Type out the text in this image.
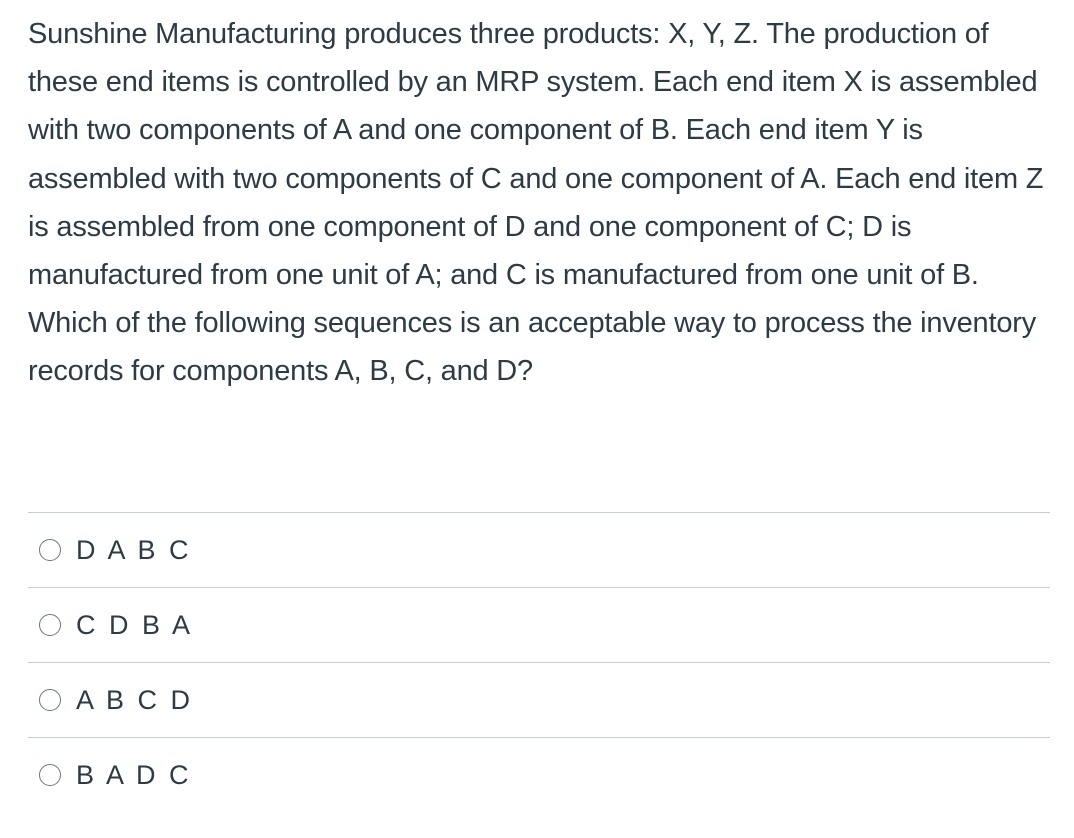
Sunshine Manufacturing produces three products: X, Y, Z. The production of these end items is controlled by an MRP system. Each end item X is assembled with two components of A and one component of B. Each end item Y is assembled with two components of C and one component of A. Each end item Z is assembled from one component of D and one component of C; D is manufactured from one unit of A; and C is manufactured from one unit of B. Which of the following sequences is an acceptable way to process the inventory records for components A, B, C, and D?

D A B C
C D B A
A B C D
B A D C
